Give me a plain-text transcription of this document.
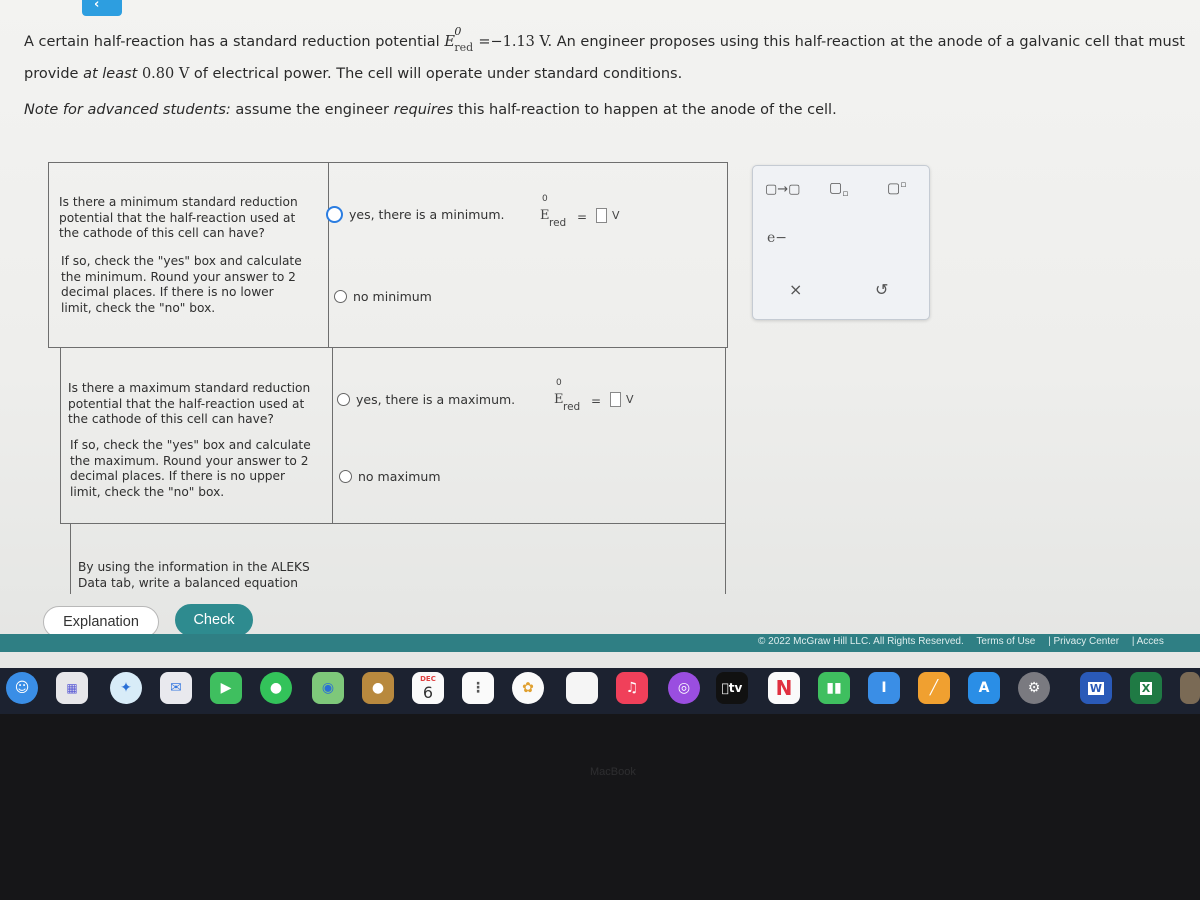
‹
A certain half-reaction has a standard reduction potential E
0
red =−1.13 V. An engineer proposes using this half-reaction at the anode of a galvanic cell that must
provide at least 0.80 V of electrical power. The cell will operate under standard conditions.
Note for advanced students: assume the engineer requires this half-reaction to happen at the anode of the cell.
Is there a minimum standard reduction
potential that the half-reaction used at
the cathode of this cell can have?
If so, check the "yes" box and calculate
the minimum. Round your answer to 2
decimal places. If there is no lower
limit, check the "no" box.
yes, there is a minimum.
no minimum
0
E red = V
Is there a maximum standard reduction
potential that the half-reaction used at
the cathode of this cell can have?
If so, check the "yes" box and calculate
the maximum. Round your answer to 2
decimal places. If there is no upper
limit, check the "no" box.
yes, there is a maximum.
no maximum
0
E red = V
By using the information in the ALEKS
Data tab, write a balanced equation
▢→▢ $▢_▫$	▢▫
e−
×	↺
Explanation	Check
© 2022 McGraw Hill LLC. All Rights Reserved. Terms of Use | Privacy Center | Acces
☺	▦	✦	✉	▶	●	◉	●
DEC
6	⋮	✿	♫	◎	tv	N	▮▮	I	╱	A	⚙	W	X
MacBook
